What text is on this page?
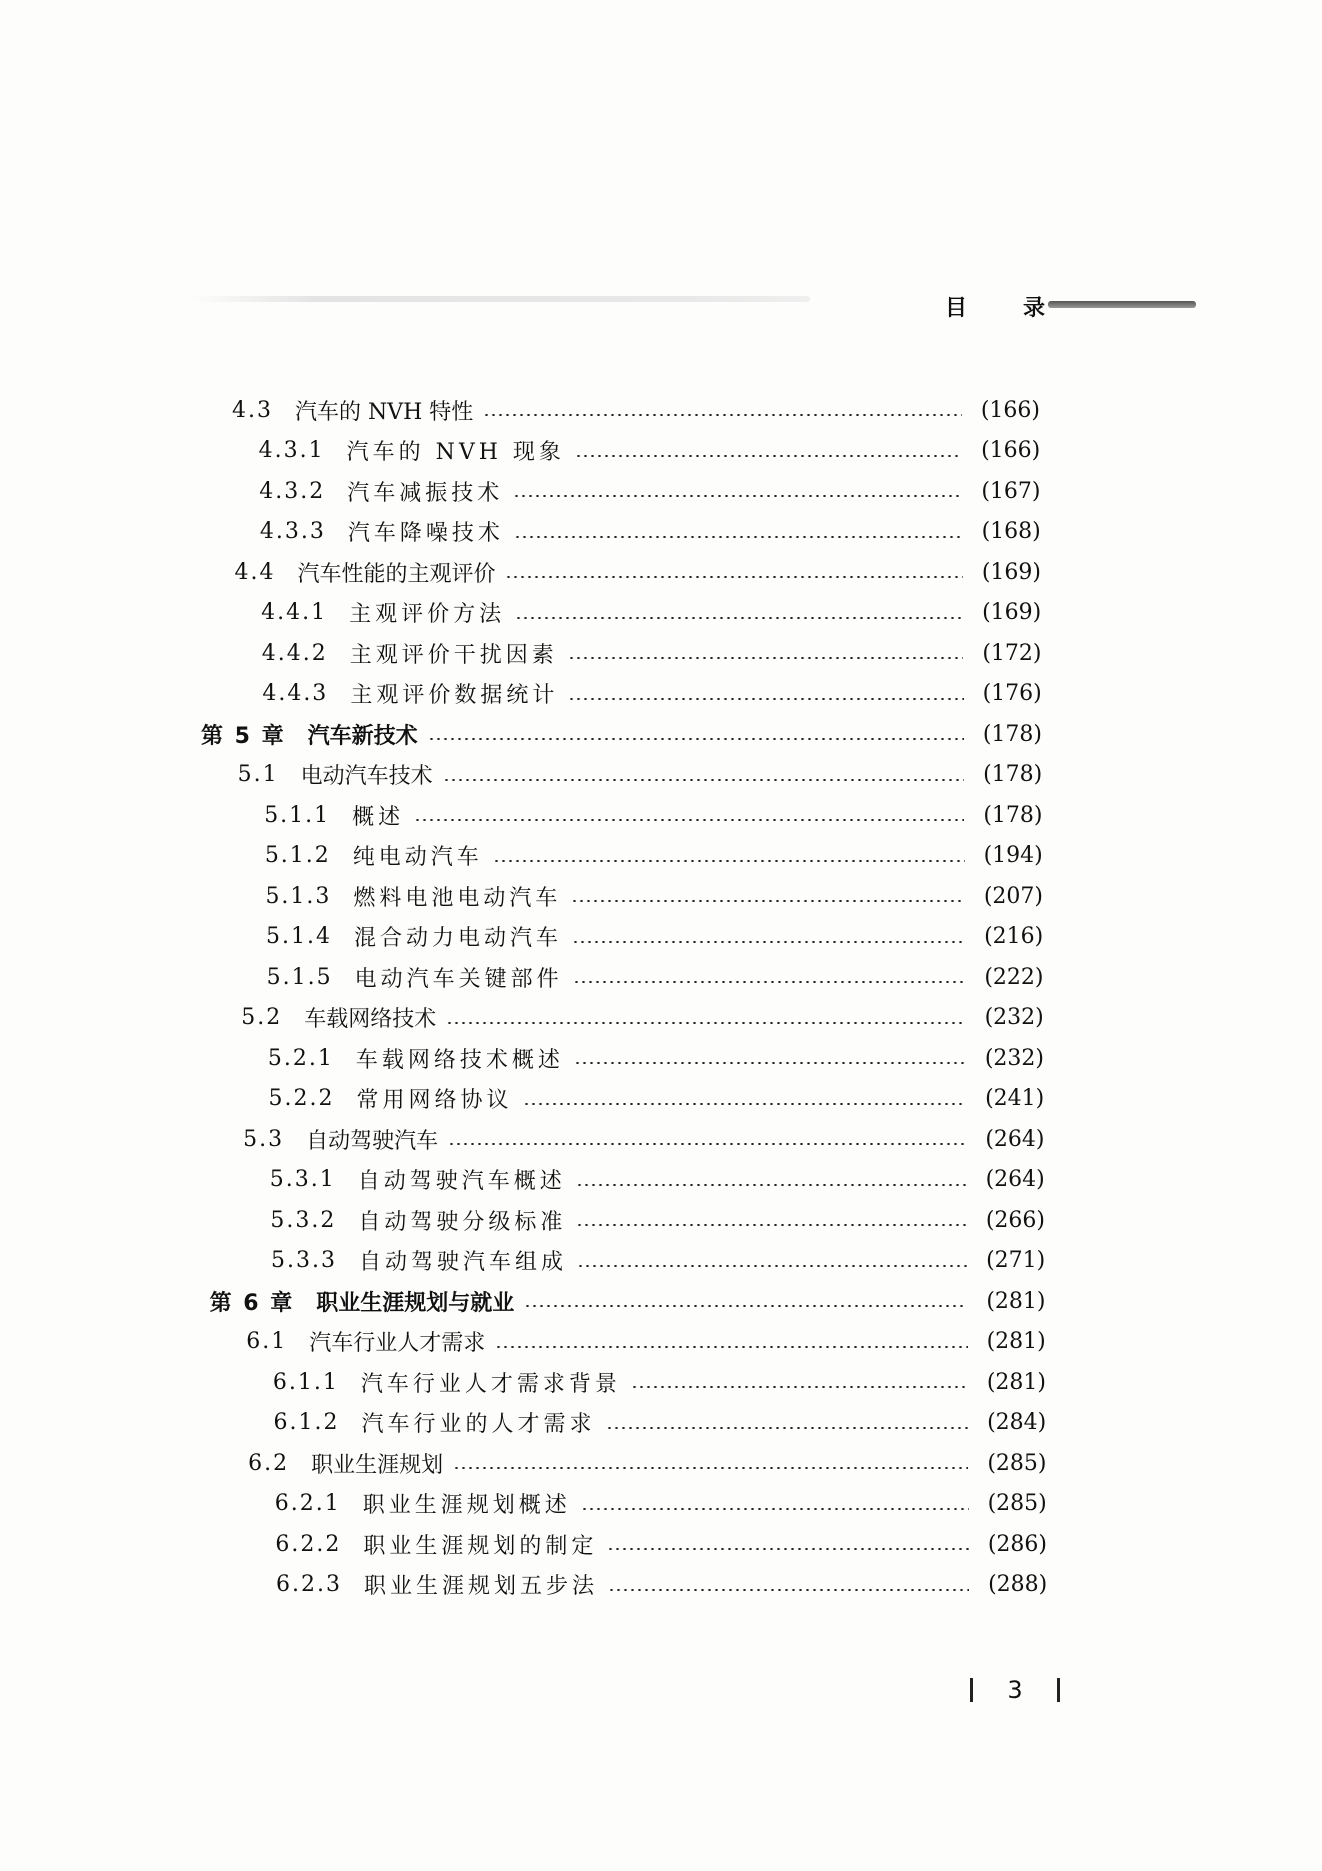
目	录
4.3 汽车的 NVH 特性	(166)
4.3.1 汽车的 NVH 现象	(166)
4.3.2 汽车减振技术	(167)
4.3.3 汽车降噪技术	(168)
4.4 汽车性能的主观评价	(169)
4.4.1 主观评价方法	(169)
4.4.2 主观评价干扰因素	(172)
4.4.3 主观评价数据统计	(176)
第 5 章 汽车新技术	(178)
5.1 电动汽车技术	(178)
5.1.1 概述	(178)
5.1.2 纯电动汽车	(194)
5.1.3 燃料电池电动汽车	(207)
5.1.4 混合动力电动汽车	(216)
5.1.5 电动汽车关键部件	(222)
5.2 车载网络技术	(232)
5.2.1 车载网络技术概述	(232)
5.2.2 常用网络协议	(241)
5.3 自动驾驶汽车	(264)
5.3.1 自动驾驶汽车概述	(264)
5.3.2 自动驾驶分级标准	(266)
5.3.3 自动驾驶汽车组成	(271)
第 6 章 职业生涯规划与就业	(281)
6.1 汽车行业人才需求	(281)
6.1.1 汽车行业人才需求背景	(281)
6.1.2 汽车行业的人才需求	(284)
6.2 职业生涯规划	(285)
6.2.1 职业生涯规划概述	(285)
6.2.2 职业生涯规划的制定	(286)
6.2.3 职业生涯规划五步法	(288)
3
